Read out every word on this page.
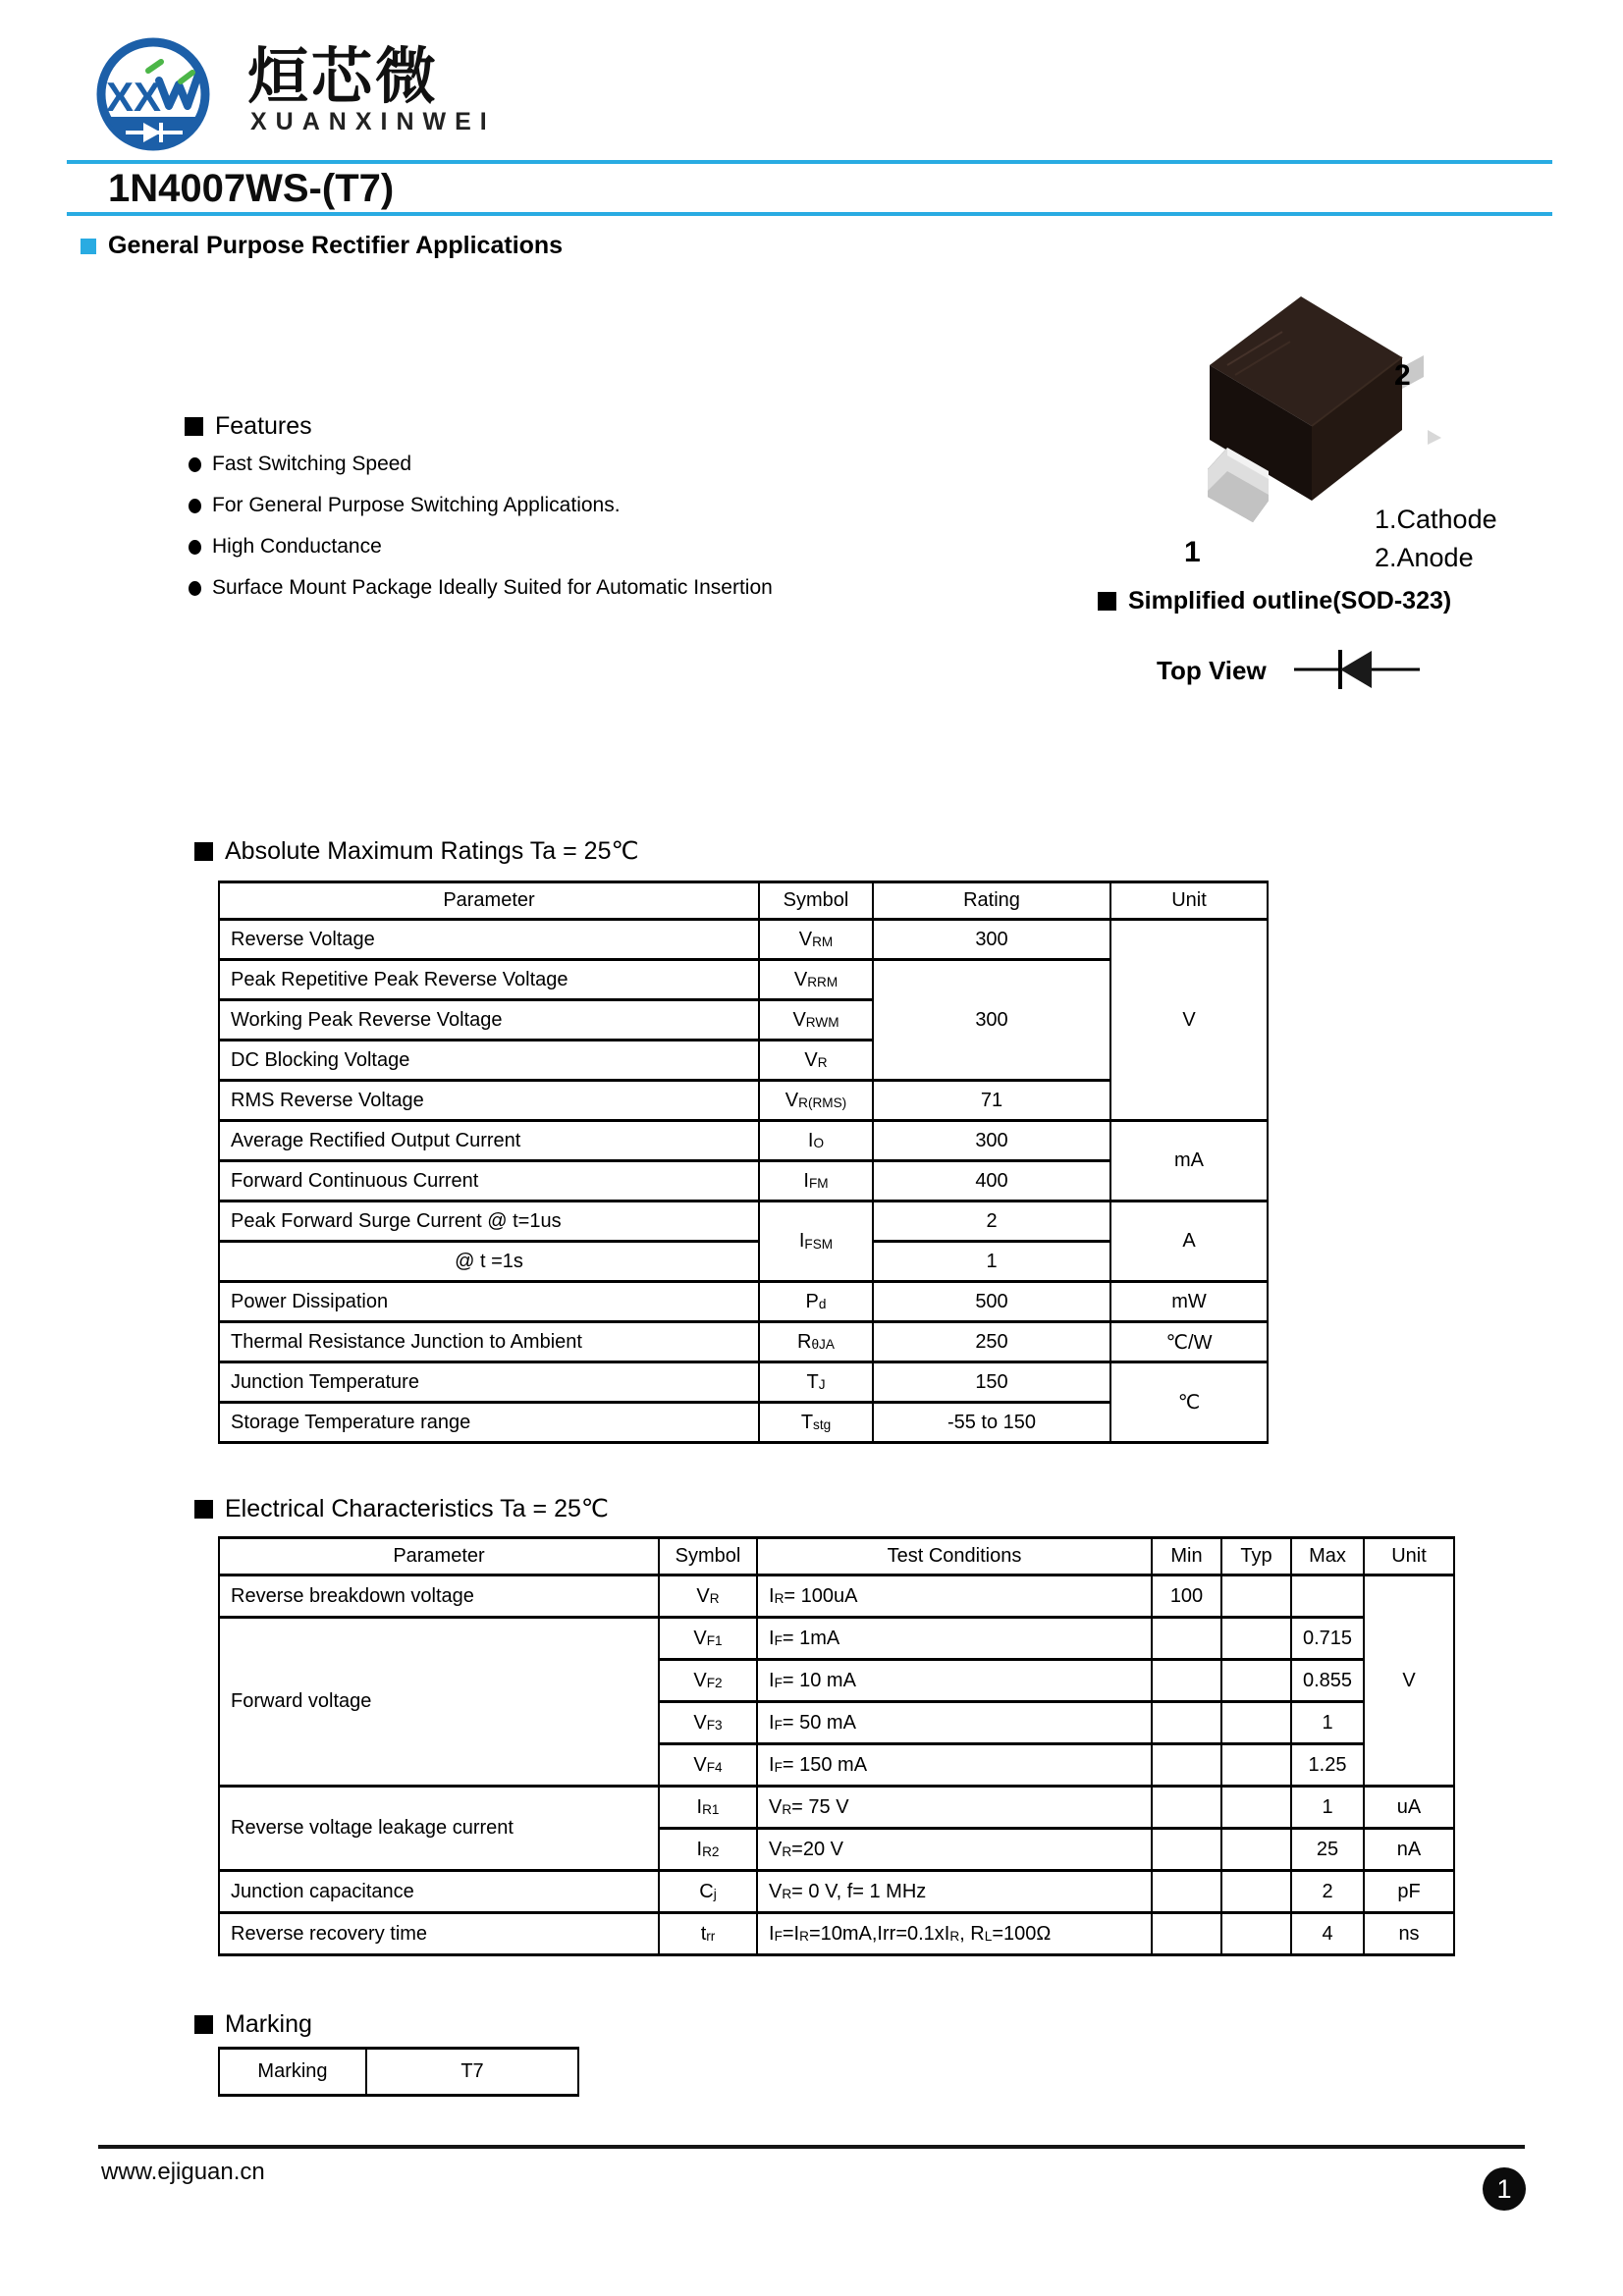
XX 烜芯微
XUANXINWEI
1N4007WS-(T7)
General Purpose Rectifier Applications
Features
Fast Switching Speed
For General Purpose Switching Applications.
High Conductance
Surface Mount Package Ideally Suited for Automatic Insertion
2
1
1.Cathode
2.Anode
Simplified outline(SOD-323)
Top View
Absolute Maximum Ratings Ta = 25℃
Parameter	Symbol	Rating	Unit
Reverse Voltage	$V_{RM}$	300	V
Peak Repetitive Peak Reverse Voltage	$V_{RRM}$	300	
Working Peak Reverse Voltage	$V_{RWM}$
DC Blocking Voltage	$V_R$
RMS Reverse Voltage	$V_{R(RMS)}$	71	
Average Rectified Output Current	$I_O$	300	mA
Forward Continuous Current	$I_{FM}$	400	
Peak Forward Surge Current @ t=1us	$I_{FSM}$	2	A
@ t =1s		1	
Power Dissipation	$P_d$	500	mW
Thermal Resistance Junction to Ambient	$R_{\theta JA}$	250	℃/W
Junction Temperature	$T_J$	150	℃
Storage Temperature range	$T_{stg}$	-55 to 150	
Electrical Characteristics Ta = 25℃
Parameter	Symbol	Test Conditions	Min	Typ	Max	Unit
Reverse breakdown voltage	$V_R$	$I_R= 100uA$	100			V
Forward voltage	$V_{F1}$	$I_F= 1mA$			0.715	
	$V_{F2}$	$I_F= 10$ mA			0.855	
	$V_{F3}$	$I_F= 50$ mA			1	
	$V_{F4}$	$I_F= 150$ mA			1.25	
Reverse voltage leakage current	$I_{R1}$	$V_R= 75$ V			1	uA
	$I_{R2}$	$V_R=20$ V			25	nA
Junction capacitance	$C_j$	$V_R= 0$ V, f= 1 MHz			2	pF
Reverse recovery time	$t_{rr}$	$I_F=I_R=10mA,Irr=0.1xI_R$, $R_L=100\Omega$			4	ns
Marking
Marking	T7
www.ejiguan.cn
1
